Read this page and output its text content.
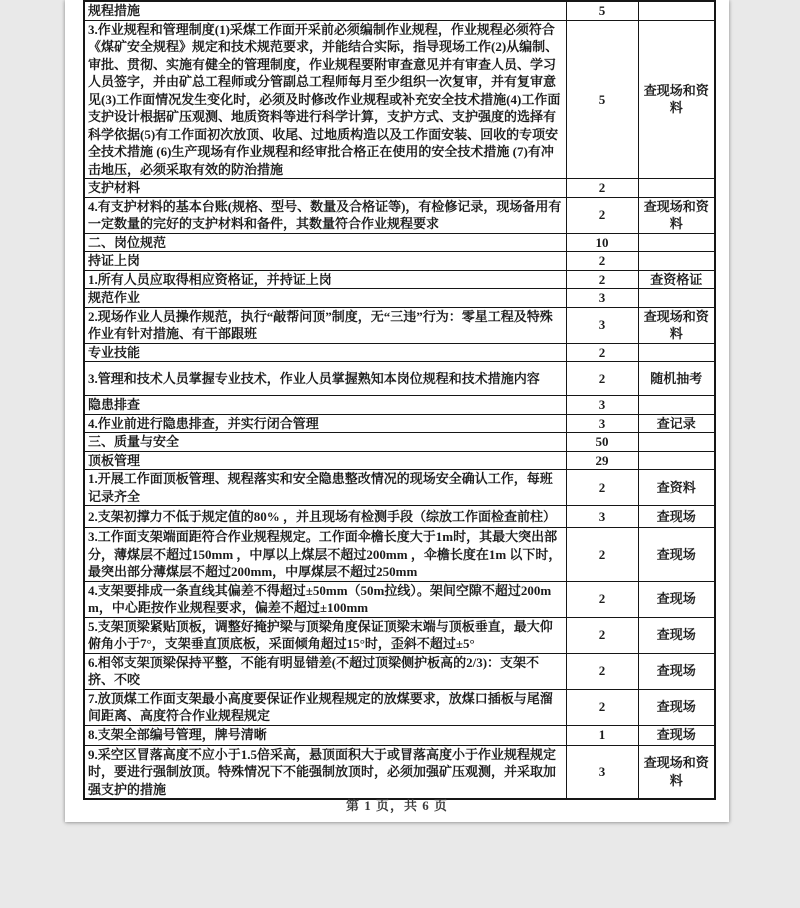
规程措施	5	
3.作业规程和管理制度(1)采煤工作面开采前必须编制作业规程，作业规程必须符合《煤矿安全规程》规定和技术规范要求，并能结合实际，指导现场工作(2)从编制、审批、贯彻、实施有健全的管理制度，作业规程要附审查意见并有审查人员、学习人员签字，并由矿总工程师或分管副总工程师每月至少组织一次复审，并有复审意见(3)工作面情况发生变化时，必须及时修改作业规程或补充安全技术措施(4)工作面支护设计根据矿压观测、地质资料等进行科学计算，支护方式、支护强度的选择有科学依据(5)有工作面初次放顶、收尾、过地质构造以及工作面安装、回收的专项安全技术措施 (6)生产现场有作业规程和经审批合格正在使用的安全技术措施 (7)有冲击地压，必须采取有效的防治措施	5	查现场和资料
支护材料	2	
4.有支护材料的基本台账(规格、型号、数量及合格证等)，有检修记录，现场备用有一定数量的完好的支护材料和备件，其数量符合作业规程要求	2	查现场和资料
二、岗位规范	10	
持证上岗	2	
1.所有人员应取得相应资格证，并持证上岗	2	查资格证
规范作业	3	
2.现场作业人员操作规范，执行“敲帮问顶”制度，无“三违”行为：零星工程及特殊作业有针对措施、有干部跟班	3	查现场和资料
专业技能	2	
3.管理和技术人员掌握专业技术，作业人员掌握熟知本岗位规程和技术措施内容	2	随机抽考
隐患排查	3	
4.作业前进行隐患排查，并实行闭合管理	3	查记录
三、质量与安全	50	
顶板管理	29	
1.开展工作面顶板管理、规程落实和安全隐患整改情况的现场安全确认工作，每班记录齐全	2	查资料
2.支架初撑力不低于规定值的80% ，并且现场有检测手段（综放工作面检查前柱）	3	查现场
3.工作面支架端面距符合作业规程规定。工作面伞檐长度大于1m时，其最大突出部分，薄煤层不超过150mm ，中厚以上煤层不超过200mm ，伞檐长度在1m 以下时，最突出部分薄煤层不超过200mm，中厚煤层不超过250mm	2	查现场
4.支架要排成一条直线其偏差不得超过±50mm（50m拉线）。架间空隙不超过200mm，中心距按作业规程要求，偏差不超过±100mm	2	查现场
5.支架顶梁紧贴顶板，调整好掩护梁与顶梁角度保证顶梁末端与顶板垂直，最大仰俯角小于7°，支架垂直顶底板，采面倾角超过15°时，歪斜不超过±5°	2	查现场
6.相邻支架顶梁保持平整，不能有明显错差(不超过顶梁侧护板高的2/3)：支架不挤、不咬	2	查现场
7.放顶煤工作面支架最小高度要保证作业规程规定的放煤要求，放煤口插板与尾溜间距离、高度符合作业规程规定	2	查现场
8.支架全部编号管理，牌号清晰	1	查现场
9.采空区冒落高度不应小于1.5倍采高，悬顶面积大于或冒落高度小于作业规程规定时，要进行强制放顶。特殊情况下不能强制放顶时，必须加强矿压观测，并采取加强支护的措施	3	查现场和资料
第 1 页，共 6 页
